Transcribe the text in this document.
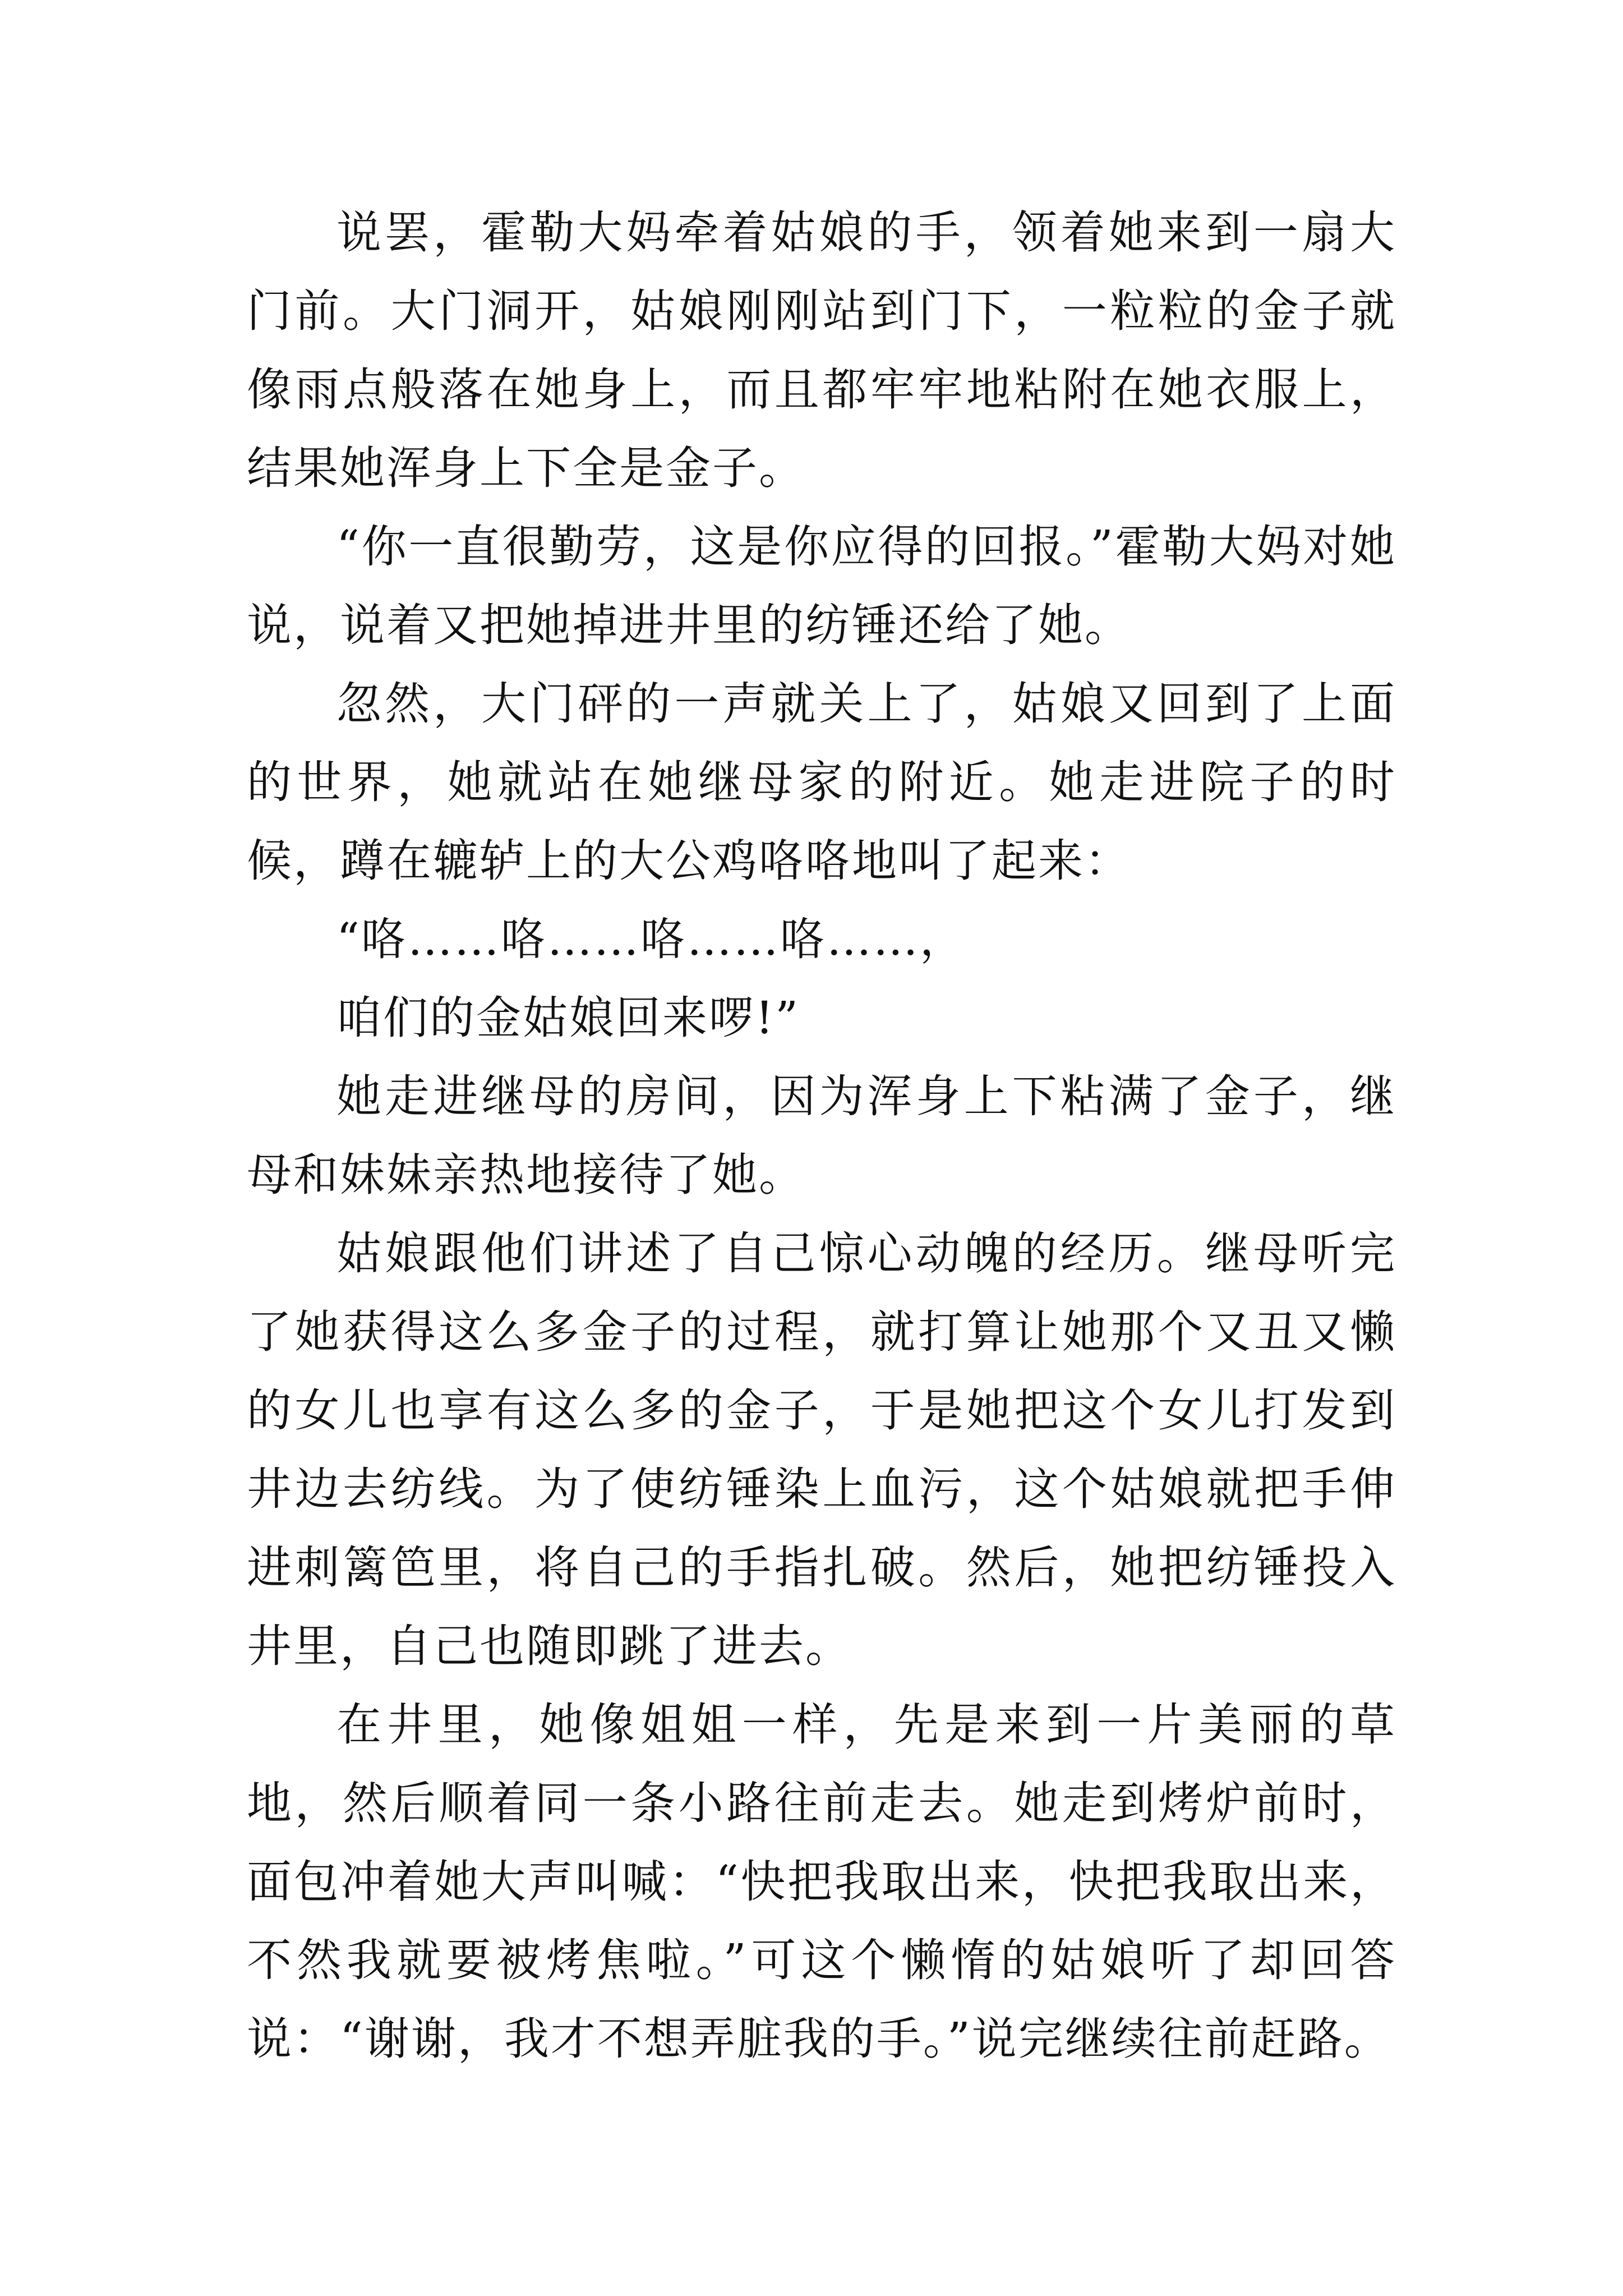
说罢，霍勒大妈牵着姑娘的手，领着她来到一扇大门前。大门洞开，姑娘刚刚站到门下，一粒粒的金子就像雨点般落在她身上，而且都牢牢地粘附在她衣服上，结果她浑身上下全是金子。

“你一直很勤劳，这是你应得的回报。”霍勒大妈对她说，说着又把她掉进井里的纺锤还给了她。

忽然，大门砰的一声就关上了，姑娘又回到了上面的世界，她就站在她继母家的附近。她走进院子的时候，蹲在辘轳上的大公鸡咯咯地叫了起来：

“咯……咯……咯……咯……，

咱们的金姑娘回来啰!”

她走进继母的房间，因为浑身上下粘满了金子，继母和妹妹亲热地接待了她。

姑娘跟他们讲述了自己惊心动魄的经历。继母听完了她获得这么多金子的过程，就打算让她那个又丑又懒的女儿也享有这么多的金子，于是她把这个女儿打发到井边去纺线。为了使纺锤染上血污，这个姑娘就把手伸进刺篱笆里，将自己的手指扎破。然后，她把纺锤投入井里，自己也随即跳了进去。

在井里，她像姐姐一样，先是来到一片美丽的草地，然后顺着同一条小路往前走去。她走到烤炉前时，面包冲着她大声叫喊：“快把我取出来，快把我取出来，不然我就要被烤焦啦。”可这个懒惰的姑娘听了却回答说：“谢谢，我才不想弄脏我的手。”说完继续往前赶路。
